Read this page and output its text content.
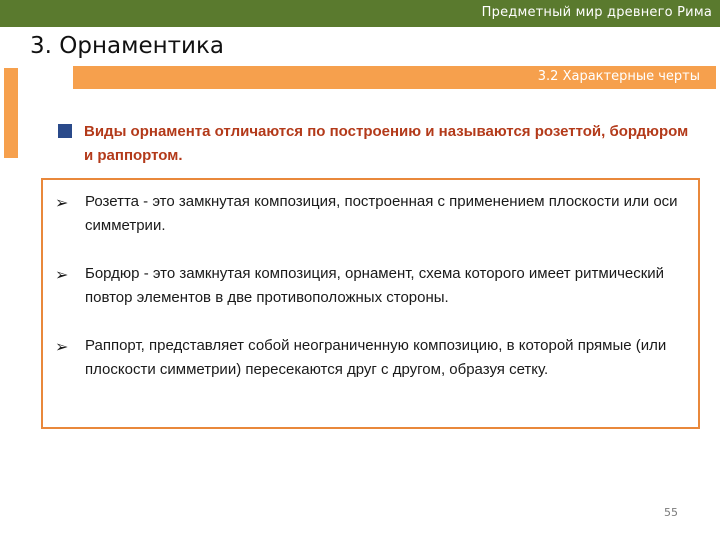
Предметный мир древнего Рима
3. Орнаментика
3.2 Характерные черты
Виды орнамента отличаются по построению и называются розеттой, бордюром и раппортом.
➢ Розетта - это замкнутая композиция, построенная с применением плоскости или оси симметрии.
➢ Бордюр - это замкнутая композиция, орнамент, схема которого имеет ритмический повтор элементов в две противоположных стороны.
➢ Раппорт, представляет собой неограниченную композицию, в которой прямые (или плоскости симметрии) пересекаются друг с другом, образуя сетку.
55
